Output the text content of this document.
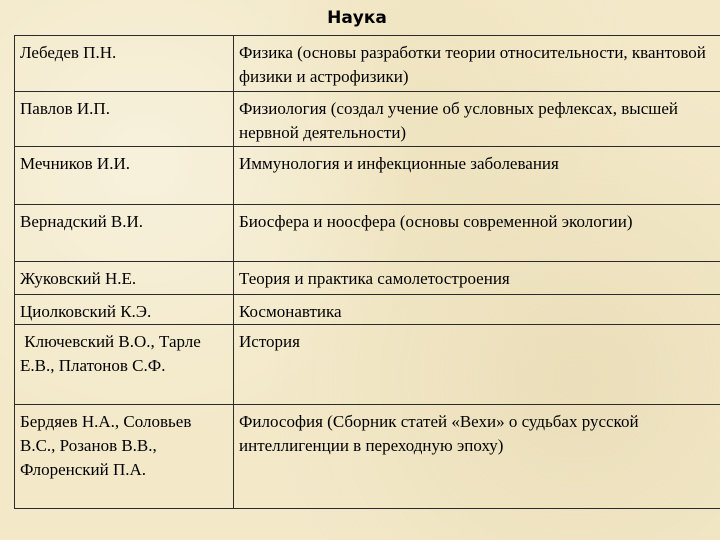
Наука
Лебедев П.Н.	Физика (основы разработки теории относительности, квантовой физики и астрофизики)

Павлов И.П.	Физиология (создал учение об условных рефлексах, высшей нервной деятельности)

Мечников И.И.	Иммунология и инфекционные заболевания

Вернадский В.И.	Биосфера и ноосфера (основы современной экологии)

Жуковский Н.Е.	Теория и практика самолетостроения

Циолковский К.Э.	Космонавтика

Ключевский В.О., Тарле Е.В., Платонов С.Ф.	История

Бердяев Н.А., Соловьев В.С., Розанов В.В., Флоренский П.А.	Философия (Сборник статей «Вехи» о судьбах русской интеллигенции в переходную эпоху)
